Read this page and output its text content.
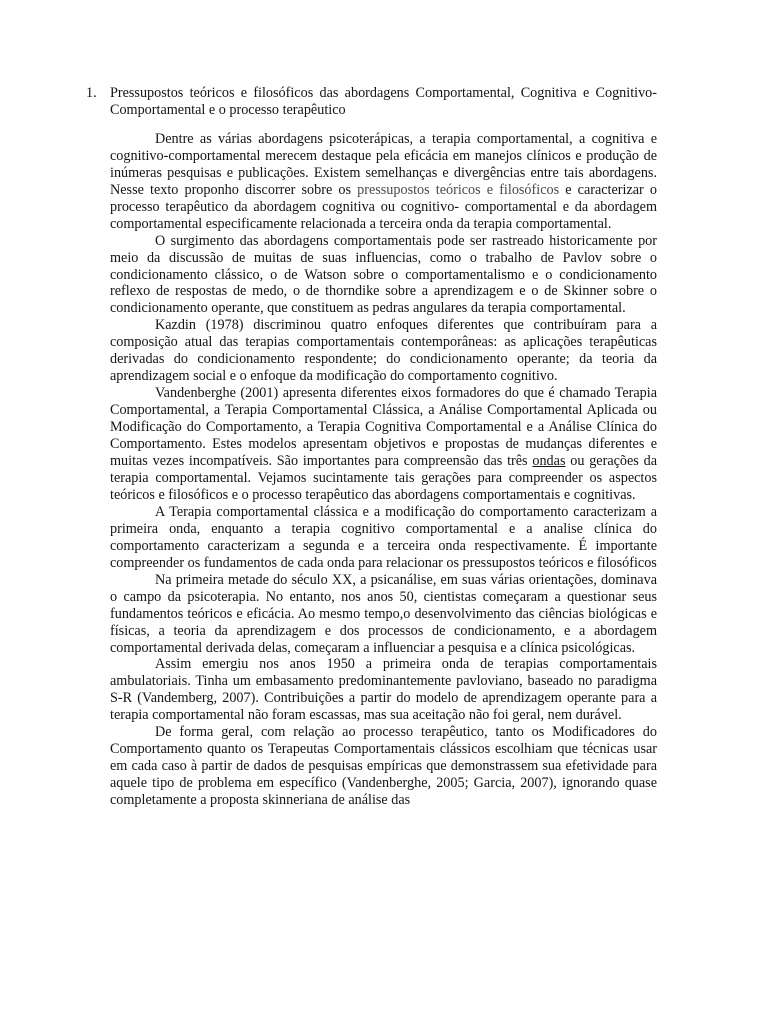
1. Pressupostos teóricos e filosóficos das abordagens Comportamental, Cognitiva e Cognitivo-Comportamental e o processo terapêutico

Dentre as várias abordagens psicoterápicas, a terapia comportamental, a cognitiva e cognitivo-comportamental merecem destaque pela eficácia em manejos clínicos e produção de inúmeras pesquisas e publicações. Existem semelhanças e divergências entre tais abordagens. Nesse texto proponho discorrer sobre os pressupostos teóricos e filosóficos e caracterizar o processo terapêutico da abordagem cognitiva ou cognitivo- comportamental e da abordagem comportamental especificamente relacionada a terceira onda da terapia comportamental.

O surgimento das abordagens comportamentais pode ser rastreado historicamente por meio da discussão de muitas de suas influencias, como o trabalho de Pavlov sobre o condicionamento clássico, o de Watson sobre o comportamentalismo e o condicionamento reflexo de respostas de medo, o de thorndike sobre a aprendizagem e o de Skinner sobre o condicionamento operante, que constituem as pedras angulares da terapia comportamental.

Kazdin (1978) discriminou quatro enfoques diferentes que contribuíram para a composição atual das terapias comportamentais contemporâneas: as aplicações terapêuticas derivadas do condicionamento respondente; do condicionamento operante; da teoria da aprendizagem social e o enfoque da modificação do comportamento cognitivo.

Vandenberghe (2001) apresenta diferentes eixos formadores do que é chamado Terapia Comportamental, a Terapia Comportamental Clássica, a Análise Comportamental Aplicada ou Modificação do Comportamento, a Terapia Cognitiva Comportamental e a Análise Clínica do Comportamento. Estes modelos apresentam objetivos e propostas de mudanças diferentes e muitas vezes incompatíveis. São importantes para compreensão das três ondas ou gerações da terapia comportamental. Vejamos sucintamente tais gerações para compreender os aspectos teóricos e filosóficos e o processo terapêutico das abordagens comportamentais e cognitivas.

A Terapia comportamental clássica e a modificação do comportamento caracterizam a primeira onda, enquanto a terapia cognitivo comportamental e a analise clínica do comportamento caracterizam a segunda e a terceira onda respectivamente. É importante compreender os fundamentos de cada onda para relacionar os pressupostos teóricos e filosóficos

Na primeira metade do século XX, a psicanálise, em suas várias orientações, dominava o campo da psicoterapia. No entanto, nos anos 50, cientistas começaram a questionar seus fundamentos teóricos e eficácia. Ao mesmo tempo,o desenvolvimento das ciências biológicas e físicas, a teoria da aprendizagem e dos processos de condicionamento, e a abordagem comportamental derivada delas, começaram a influenciar a pesquisa e a clínica psicológicas.

Assim emergiu nos anos 1950 a primeira onda de terapias comportamentais ambulatoriais. Tinha um embasamento predominantemente pavloviano, baseado no paradigma S-R (Vandemberg, 2007). Contribuições a partir do modelo de aprendizagem operante para a terapia comportamental não foram escassas, mas sua aceitação não foi geral, nem durável.

De forma geral, com relação ao processo terapêutico, tanto os Modificadores do Comportamento quanto os Terapeutas Comportamentais clássicos escolhiam que técnicas usar em cada caso à partir de dados de pesquisas empíricas que demonstrassem sua efetividade para aquele tipo de problema em específico (Vandenberghe, 2005; Garcia, 2007), ignorando quase completamente a proposta skinneriana de análise das
